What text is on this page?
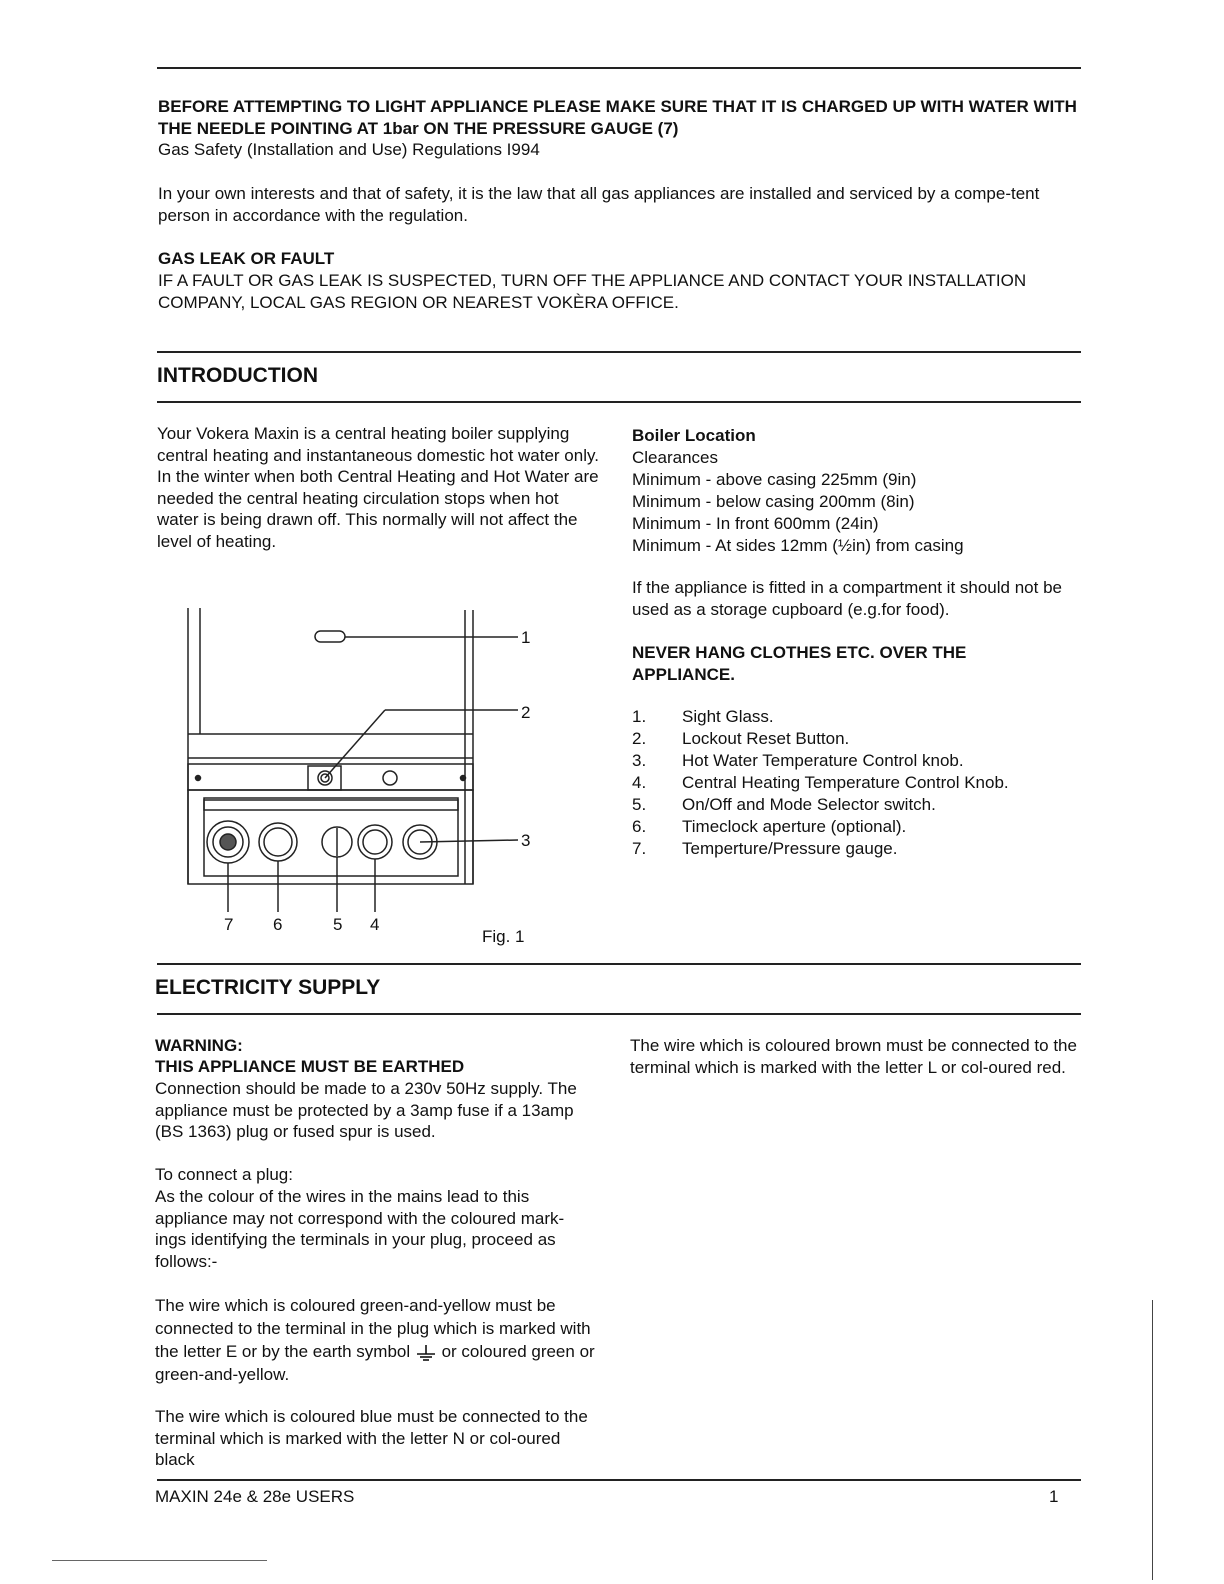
BEFORE ATTEMPTING TO LIGHT APPLIANCE PLEASE MAKE SURE THAT IT IS CHARGED UP WITH WATER WITH THE NEEDLE POINTING AT 1bar ON THE PRESSURE GAUGE (7)

Gas Safety (Installation and Use) Regulations I994

In your own interests and that of safety, it is the law that all gas appliances are installed and serviced by a compe-tent person in accordance with the regulation.

GAS LEAK OR FAULT

IF A FAULT OR GAS LEAK IS SUSPECTED, TURN OFF THE APPLIANCE AND CONTACT YOUR INSTALLATION COMPANY, LOCAL GAS REGION OR NEAREST VOKÈRA OFFICE.

INTRODUCTION

Your Vokera Maxin is a central heating boiler supplying central heating and instantaneous domestic hot water only. In the winter when both Central Heating and Hot Water are needed the central heating circulation stops when hot water is being drawn off. This normally will not affect the level of heating.

Boiler Location

Clearances

Minimum - above casing 225mm (9in)
Minimum - below casing 200mm (8in)
Minimum - In front 600mm (24in)
Minimum - At sides 12mm (½in) from casing

If the appliance is fitted in a compartment it should not be used as a storage cupboard (e.g.for food).

NEVER HANG CLOTHES ETC. OVER THE APPLIANCE.

1.	Sight Glass.
2.	Lockout Reset Button.
3.	Hot Water Temperature Control knob.
4.	Central Heating Temperature Control Knob.
5.	On/Off and Mode Selector switch.
6.	Timeclock aperture (optional).
7.	Temperture/Pressure gauge.
1
2
3
7 6	5 4
Fig. 1
ELECTRICITY SUPPLY

WARNING:

THIS APPLIANCE MUST BE EARTHED

Connection should be made to a 230v 50Hz supply. The appliance must be protected by a 3amp fuse if a 13amp (BS 1363) plug or fused spur is used.

To connect a plug:

As the colour of the wires in the mains lead to this appliance may not correspond with the coloured mark-ings identifying the terminals in your plug, proceed as follows:-

The wire which is coloured green-and-yellow must be connected to the terminal in the plug which is marked with the letter E or by the earth symbol or coloured green or green-and-yellow.

The wire which is coloured blue must be connected to the terminal which is marked with the letter N or col-oured black

The wire which is coloured brown must be connected to the terminal which is marked with the letter L or col-oured red.

MAXIN 24e & 28e USERS	1
